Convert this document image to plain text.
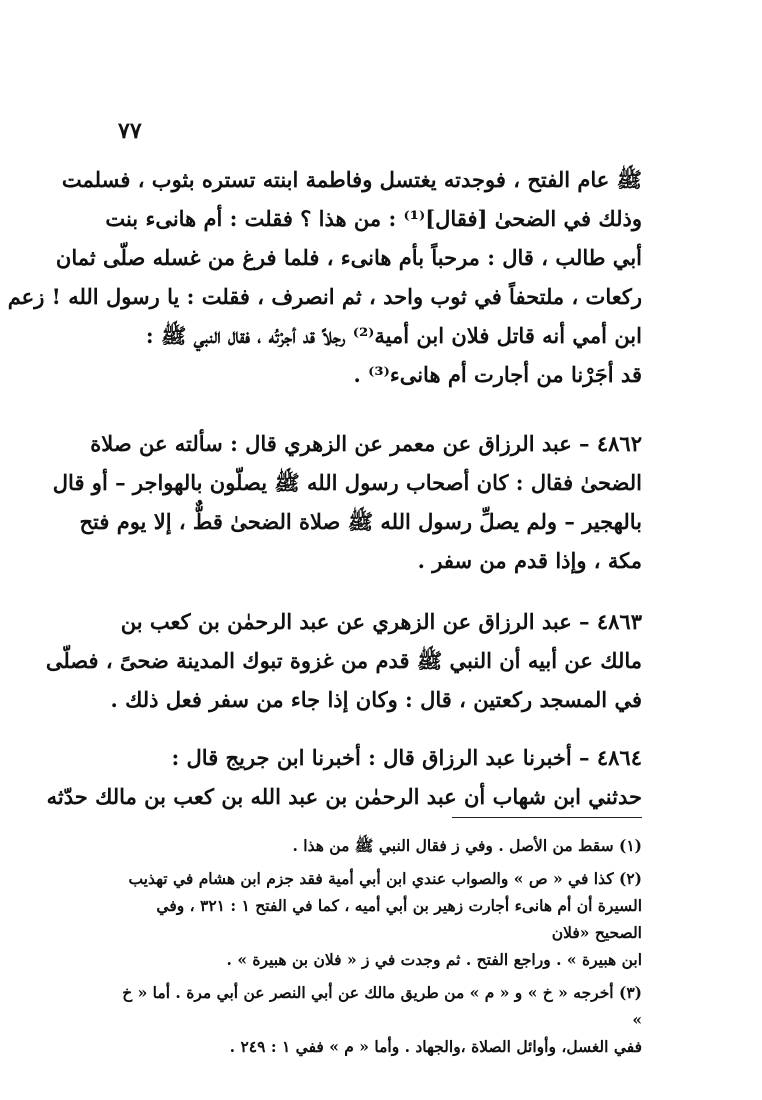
٧٧
ﷺ عام الفتح ، فوجدته يغتسل وفاطمة ابنته تستره بثوب ، فسلمت
وذلك في الضحىٰ [فقال]⁽¹⁾ : من هذا ؟ فقلت : أم هانىء بنت
أبي طالب ، قال : مرحباً بأم هانىء ، فلما فرغ من غسله صلّى ثمان
ركعات ، ملتحفاً في ثوب واحد ، ثم انصرف ، فقلت : يا رسول الله ! زعم
ابن أمي أنه قاتل فلان ابن أمية⁽²⁾ رجلاً قد أجرْتُه ، فقال النبي ﷺ :
قد أجَرْنا من أجارت أم هانىء⁽³⁾ .
٤٨٦٢ – عبد الرزاق عن معمر عن الزهري قال : سألته عن صلاة
الضحىٰ فقال : كان أصحاب رسول الله ﷺ يصلّون بالهواجر – أو قال
بالهجير – ولم يصلِّ رسول الله ﷺ صلاة الضحىٰ قطٌّ ، إلا يوم فتح
مكة ، وإذا قدم من سفر .
٤٨٦٣ – عبد الرزاق عن الزهري عن عبد الرحمٰن بن كعب بن
مالك عن أبيه أن النبي ﷺ قدم من غزوة تبوك المدينة ضحىً ، فصلّى
في المسجد ركعتين ، قال : وكان إذا جاء من سفر فعل ذلك .
٤٨٦٤ – أخبرنا عبد الرزاق قال : أخبرنا ابن جريج قال :
حدثني ابن شهاب أن عبد الرحمٰن بن عبد الله بن كعب بن مالك حدّثه
(١) سقط من الأصل . وفي ز فقال النبي ﷺ من هذا .
(٢) كذا في « ص » والصواب عندي ابن أبي أمية فقد جزم ابن هشام في تهذيب
السيرة أن أم هانىء أجارت زهير بن أبي أميه ، كما في الفتح ١ : ٣٢١ ، وفي الصحيح «فلان
ابن هبيرة » . وراجع الفتح . ثم وجدت في ز « فلان بن هبيرة » .
(٣) أخرجه « خ » و « م » من طريق مالك عن أبي النصر عن أبي مرة . أما « خ »
ففي الغسل، وأوائل الصلاة ،والجهاد . وأما « م » ففي ١ : ٢٤٩ .
